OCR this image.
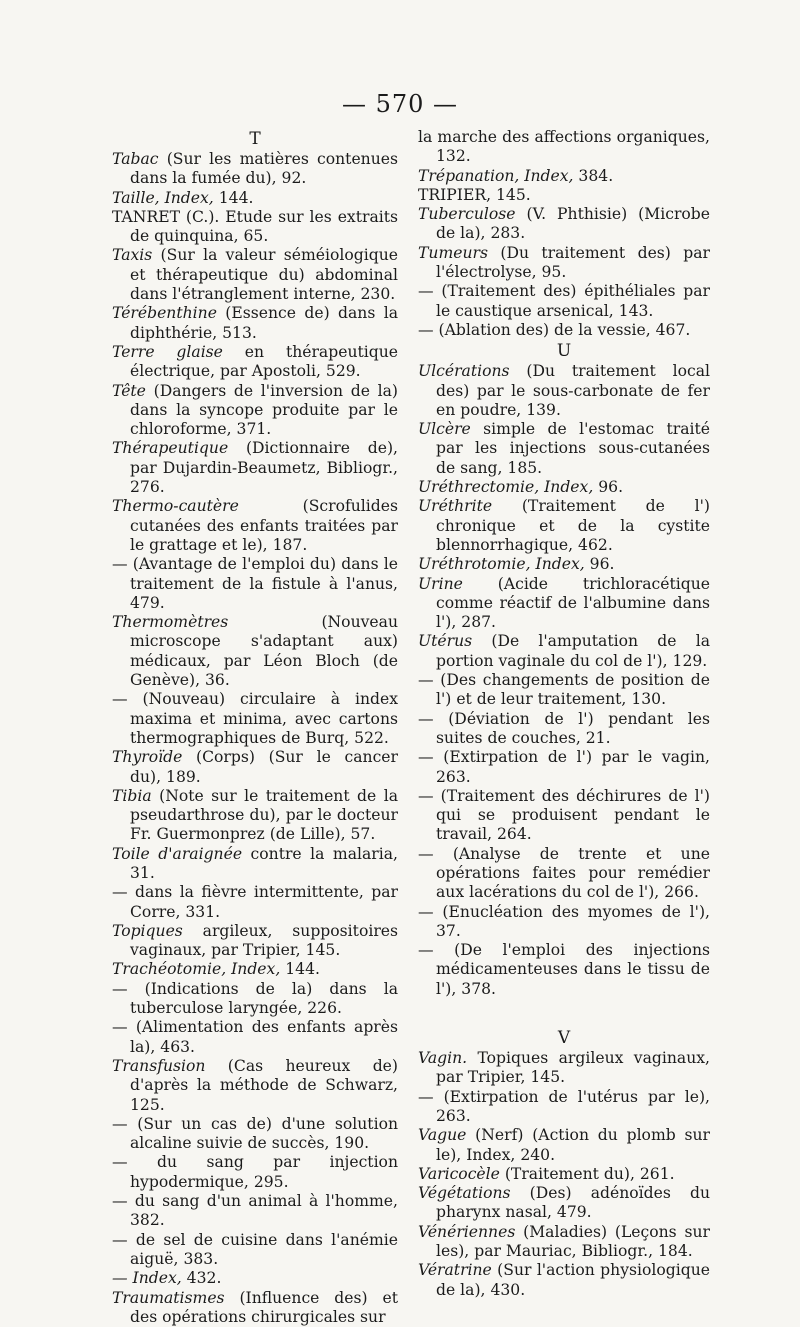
— 570 —
T
Tabac (Sur les matières contenues dans la fumée du), 92.
Taille, Index, 144.
TANRET (C.). Etude sur les extraits de quinquina, 65.
Taxis (Sur la valeur séméiologique et thérapeutique du) abdominal dans l'étranglement interne, 230.
Térébenthine (Essence de) dans la diphthérie, 513.
Terre glaise en thérapeutique électrique, par Apostoli, 529.
Tête (Dangers de l'inversion de la) dans la syncope produite par le chloroforme, 371.
Thérapeutique (Dictionnaire de), par Dujardin-Beaumetz, Bibliogr., 276.
Thermo-cautère (Scrofulides cutanées des enfants traitées par le grattage et le), 187.
— (Avantage de l'emploi du) dans le traitement de la fistule à l'anus, 479.
Thermomètres (Nouveau microscope s'adaptant aux) médicaux, par Léon Bloch (de Genève), 36.
— (Nouveau) circulaire à index maxima et minima, avec cartons thermographiques de Burq, 522.
Thyroïde (Corps) (Sur le cancer du), 189.
Tibia (Note sur le traitement de la pseudarthrose du), par le docteur Fr. Guermonprez (de Lille), 57.
Toile d'araignée contre la malaria, 31.
— dans la fièvre intermittente, par Corre, 331.
Topiques argileux, suppositoires vaginaux, par Tripier, 145.
Trachéotomie, Index, 144.
— (Indications de la) dans la tuberculose laryngée, 226.
— (Alimentation des enfants après la), 463.
Transfusion (Cas heureux de) d'après la méthode de Schwarz, 125.
— (Sur un cas de) d'une solution alcaline suivie de succès, 190.
— du sang par injection hypodermique, 295.
— du sang d'un animal à l'homme, 382.
— de sel de cuisine dans l'anémie aiguë, 383.
— Index, 432.
Traumatismes (Influence des) et des opérations chirurgicales sur
la marche des affections organiques, 132.
Trépanation, Index, 384.
TRIPIER, 145.
Tuberculose (V. Phthisie) (Microbe de la), 283.
Tumeurs (Du traitement des) par l'électrolyse, 95.
— (Traitement des) épithéliales par le caustique arsenical, 143.
— (Ablation des) de la vessie, 467.
U
Ulcérations (Du traitement local des) par le sous-carbonate de fer en poudre, 139.
Ulcère simple de l'estomac traité par les injections sous-cutanées de sang, 185.
Uréthrectomie, Index, 96.
Uréthrite (Traitement de l') chronique et de la cystite blennorrhagique, 462.
Uréthrotomie, Index, 96.
Urine (Acide trichloracétique comme réactif de l'albumine dans l'), 287.
Utérus (De l'amputation de la portion vaginale du col de l'), 129.
— (Des changements de position de l') et de leur traitement, 130.
— (Déviation de l') pendant les suites de couches, 21.
— (Extirpation de l') par le vagin, 263.
— (Traitement des déchirures de l') qui se produisent pendant le travail, 264.
— (Analyse de trente et une opérations faites pour remédier aux lacérations du col de l'), 266.
— (Enucléation des myomes de l'), 37.
— (De l'emploi des injections médicamenteuses dans le tissu de l'), 378.
V
Vagin. Topiques argileux vaginaux, par Tripier, 145.
— (Extirpation de l'utérus par le), 263.
Vague (Nerf) (Action du plomb sur le), Index, 240.
Varicocèle (Traitement du), 261.
Végétations (Des) adénoïdes du pharynx nasal, 479.
Vénériennes (Maladies) (Leçons sur les), par Mauriac, Bibliogr., 184.
Vératrine (Sur l'action physiologique de la), 430.
